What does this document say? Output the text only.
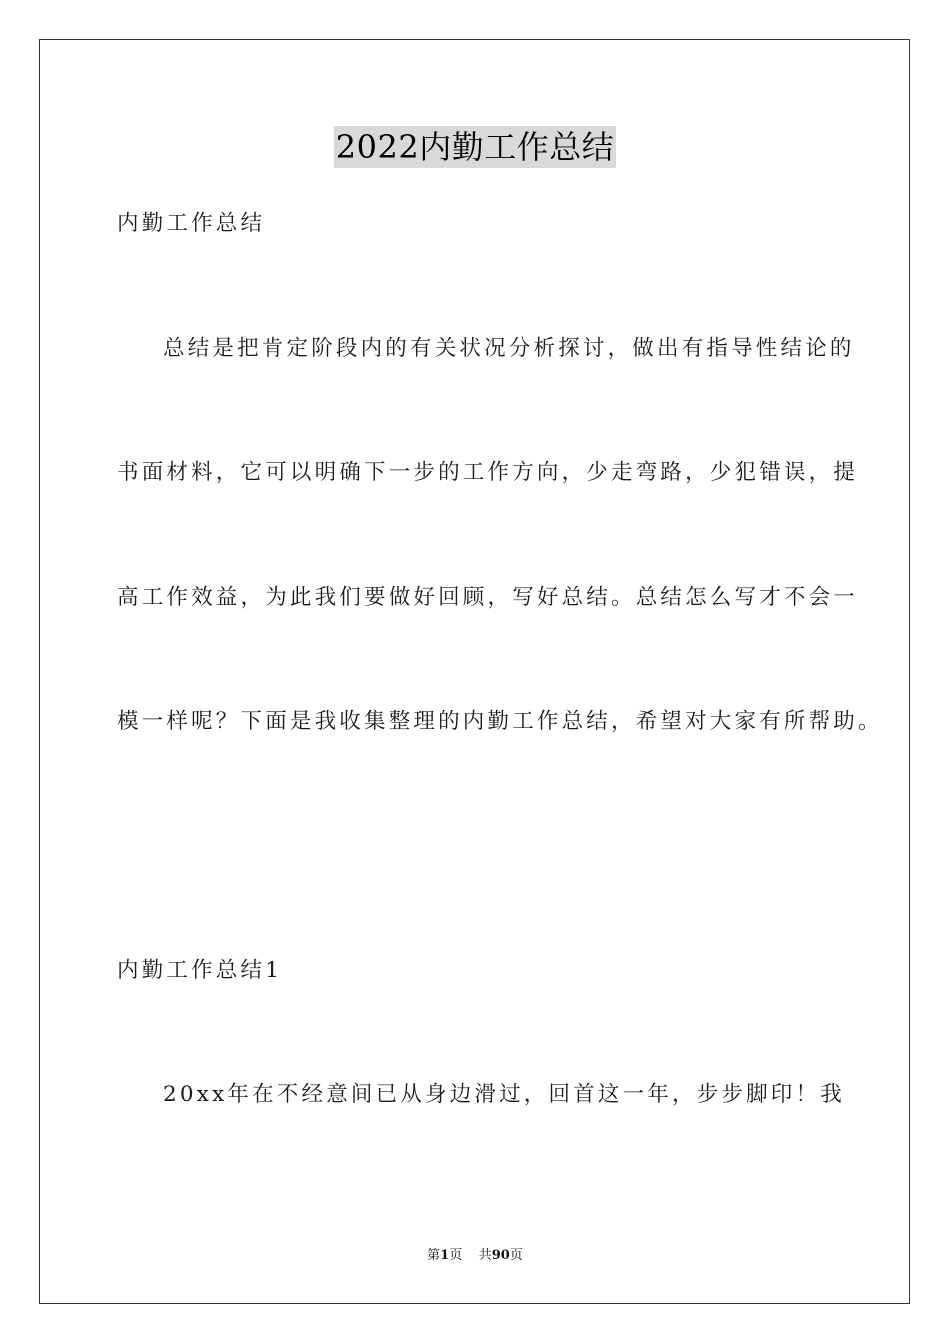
2022内勤工作总结
内勤工作总结
总结是把肯定阶段内的有关状况分析探讨，做出有指导性结论的
书面材料，它可以明确下一步的工作方向，少走弯路，少犯错误，提
高工作效益，为此我们要做好回顾，写好总结。总结怎么写才不会一
模一样呢？下面是我收集整理的内勤工作总结，希望对大家有所帮助。
内勤工作总结1
20xx年在不经意间已从身边滑过，回首这一年，步步脚印！我
第1页 共90页
